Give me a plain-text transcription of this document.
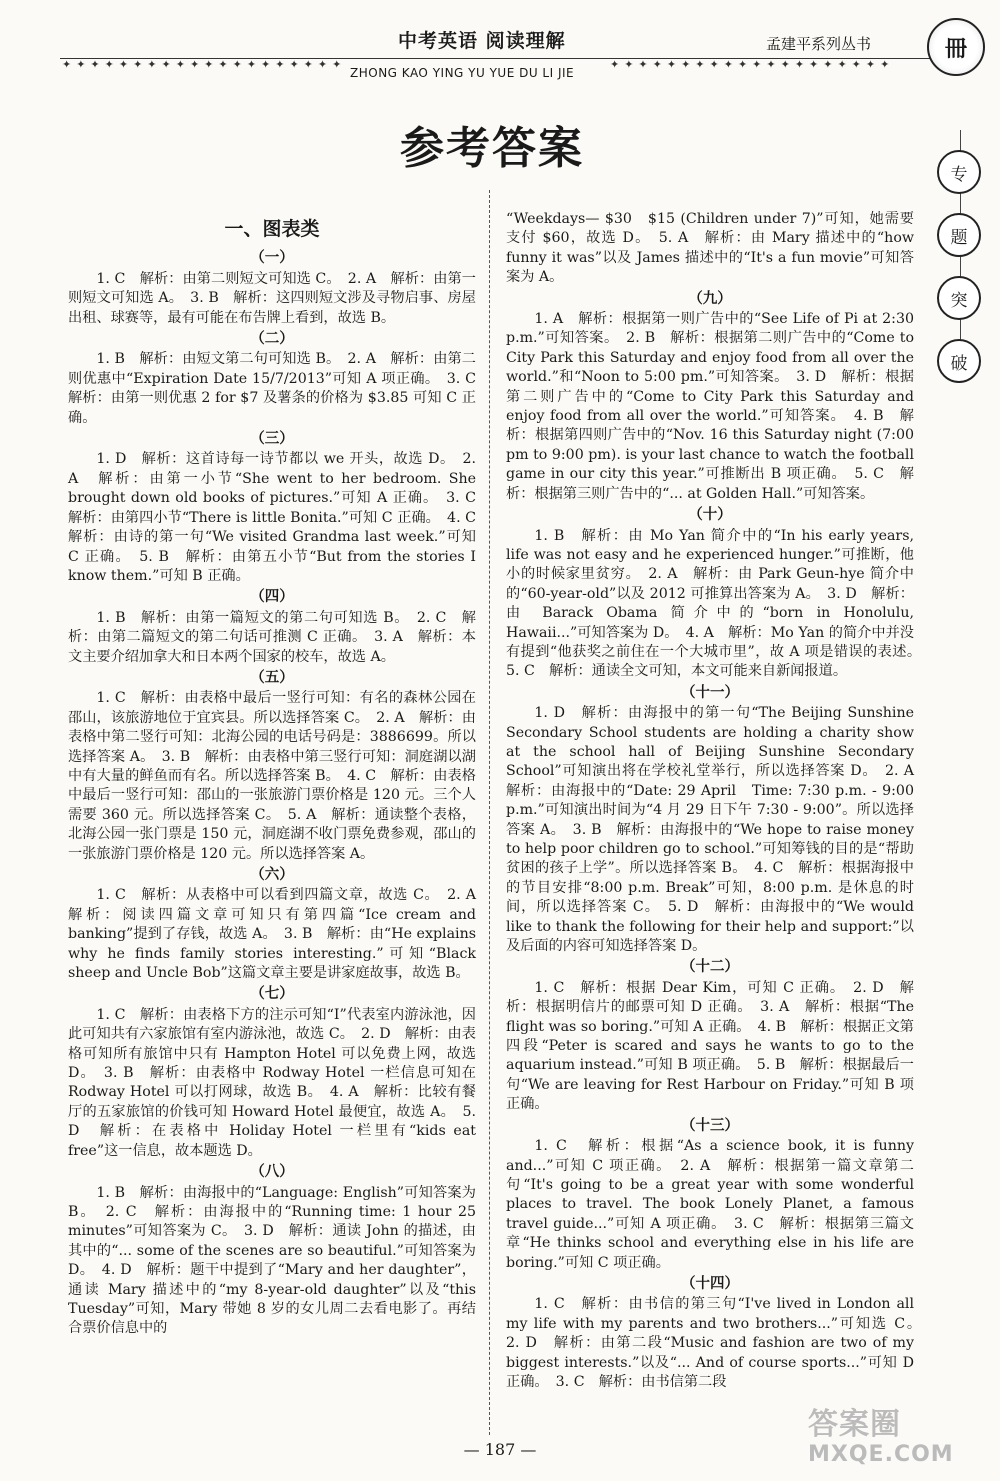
中考英语 阅读理解	孟建平系列丛书
✦✦✦✦✦✦✦✦✦✦✦✦✦✦✦✦✦✦✦✦	✦✦✦✦✦✦✦✦✦✦✦✦✦✦✦✦✦✦✦✦
ZHONG KAO YING YU YUE DU LI JIE
冊
专
题
突
破
参考答案
一、图表类
（一）
1. C　解析：由第二则短文可知选 C。　2. A　解析：由第一则短文可知选 A。　3. B　解析：这四则短文涉及寻物启事、房屋出租、球赛等，最有可能在布告牌上看到，故选 B。
（二）
1. B　解析：由短文第二句可知选 B。　2. A　解析：由第二则优惠中“Expiration Date 15/7/2013”可知 A 项正确。　3. C　解析：由第一则优惠 2 for $7 及薯条的价格为 $3.85 可知 C 正确。
（三）
1. D　解析：这首诗每一诗节都以 we 开头，故选 D。　2. A　解析：由第一小节“She went to her bedroom. She brought down old books of pictures.”可知 A 正确。　3. C　解析：由第四小节“There is little Bonita.”可知 C 正确。　4. C　解析：由诗的第一句“We visited Grandma last week.”可知 C 正确。　5. B　解析：由第五小节“But from the stories I know them.”可知 B 正确。
（四）
1. B　解析：由第一篇短文的第二句可知选 B。　2. C　解析：由第二篇短文的第二句话可推测 C 正确。　3. A　解析：本文主要介绍加拿大和日本两个国家的校车，故选 A。
（五）
1. C　解析：由表格中最后一竖行可知：有名的森林公园在邵山，该旅游地位于宜宾县。所以选择答案 C。　2. A　解析：由表格中第二竖行可知：北海公园的电话号码是：3886699。所以选择答案 A。　3. B　解析：由表格中第三竖行可知：洞庭湖以湖中有大量的鲜鱼而有名。所以选择答案 B。　4. C　解析：由表格中最后一竖行可知：邵山的一张旅游门票价格是 120 元。三个人需要 360 元。所以选择答案 C。　5. A　解析：通读整个表格，北海公园一张门票是 150 元，洞庭湖不收门票免费参观，邵山的一张旅游门票价格是 120 元。所以选择答案 A。
（六）
1. C　解析：从表格中可以看到四篇文章，故选 C。　2. A　解析：阅读四篇文章可知只有第四篇“Ice cream and banking”提到了存钱，故选 A。　3. B　解析：由“He explains why he finds family stories interesting.”可知“Black sheep and Uncle Bob”这篇文章主要是讲家庭故事，故选 B。
（七）
1. C　解析：由表格下方的注示可知“I”代表室内游泳池，因此可知共有六家旅馆有室内游泳池，故选 C。　2. D　解析：由表格可知所有旅馆中只有 Hampton Hotel 可以免费上网，故选 D。　3. B　解析：由表格中 Rodway Hotel 一栏信息可知在 Rodway Hotel 可以打网球，故选 B。　4. A　解析：比较有餐厅的五家旅馆的价钱可知 Howard Hotel 最便宜，故选 A。　5. D　解析：在表格中 Holiday Hotel 一栏里有“kids eat free”这一信息，故本题选 D。
（八）
1. B　解析：由海报中的“Language: English”可知答案为 B。　2. C　解析：由海报中的“Running time: 1 hour 25 minutes”可知答案为 C。　3. D　解析：通读 John 的描述，由其中的“... some of the scenes are so beautiful.”可知答案为 D。　4. D　解析：题干中提到了“Mary and her daughter”，通读 Mary 描述中的“my 8-year-old daughter”以及“this Tuesday”可知，Mary 带她 8 岁的女儿周二去看电影了。再结合票价信息中的
“Weekdays— $30　$15 (Children under 7)”可知，她需要支付 $60，故选 D。　5. A　解析：由 Mary 描述中的“how funny it was”以及 James 描述中的“It's a fun movie”可知答案为 A。
（九）
1. A　解析：根据第一则广告中的“See Life of Pi at 2:30 p.m.”可知答案。　2. B　解析：根据第二则广告中的“Come to City Park this Saturday and enjoy food from all over the world.”和“Noon to 5:00 pm.”可知答案。　3. D　解析：根据第二则广告中的“Come to City Park this Saturday and enjoy food from all over the world.”可知答案。　4. B　解析：根据第四则广告中的“Nov. 16 this Saturday night (7:00 pm to 9:00 pm). is your last chance to watch the football game in our city this year.”可推断出 B 项正确。　5. C　解析：根据第三则广告中的“... at Golden Hall.”可知答案。
（十）
1. B　解析：由 Mo Yan 简介中的“In his early years, life was not easy and he experienced hunger.”可推断，他小的时候家里贫穷。　2. A　解析：由 Park Geun-hye 简介中的“60-year-old”以及 2012 可推算出答案为 A。　3. D　解析：由 Barack Obama 简介中的“born in Honolulu, Hawaii...”可知答案为 D。　4. A　解析：Mo Yan 的简介中并没有提到“他获奖之前住在一个大城市里”，故 A 项是错误的表述。　5. C　解析：通读全文可知，本文可能来自新闻报道。
（十一）
1. D　解析：由海报中的第一句“The Beijing Sunshine Secondary School students are holding a charity show at the school hall of Beijing Sunshine Secondary School”可知演出将在学校礼堂举行，所以选择答案 D。　2. A　解析：由海报中的“Date: 29 April　Time: 7:30 p.m. - 9:00 p.m.”可知演出时间为“4 月 29 日下午 7:30 - 9:00”。所以选择答案 A。　3. B　解析：由海报中的“We hope to raise money to help poor children go to school.”可知筹钱的目的是“帮助贫困的孩子上学”。所以选择答案 B。　4. C　解析：根据海报中的节目安排“8:00 p.m. Break”可知，8:00 p.m. 是休息的时间，所以选择答案 C。　5. D　解析：由海报中的“We would like to thank the following for their help and support:”以及后面的内容可知选择答案 D。
（十二）
1. C　解析：根据 Dear Kim，可知 C 正确。　2. D　解析：根据明信片的邮票可知 D 正确。　3. A　解析：根据“The flight was so boring.”可知 A 正确。　4. B　解析：根据正文第四段“Peter is scared and says he wants to go to the aquarium instead.”可知 B 项正确。　5. B　解析：根据最后一句“We are leaving for Rest Harbour on Friday.”可知 B 项正确。
（十三）
1. C　解析：根据“As a science book, it is funny and...”可知 C 项正确。　2. A　解析：根据第一篇文章第二句“It's going to be a great year with some wonderful places to travel. The book Lonely Planet, a famous travel guide...”可知 A 项正确。　3. C　解析：根据第三篇文章“He thinks school and everything else in his life are boring.”可知 C 项正确。
（十四）
1. C　解析：由书信的第三句“I've lived in London all my life with my parents and two brothers...”可知选 C。　2. D　解析：由第二段“Music and fashion are two of my biggest interests.”以及“... And of course sports...”可知 D 正确。　3. C　解析：由书信第二段
— 187 —
答案圈
MXQE.COM
